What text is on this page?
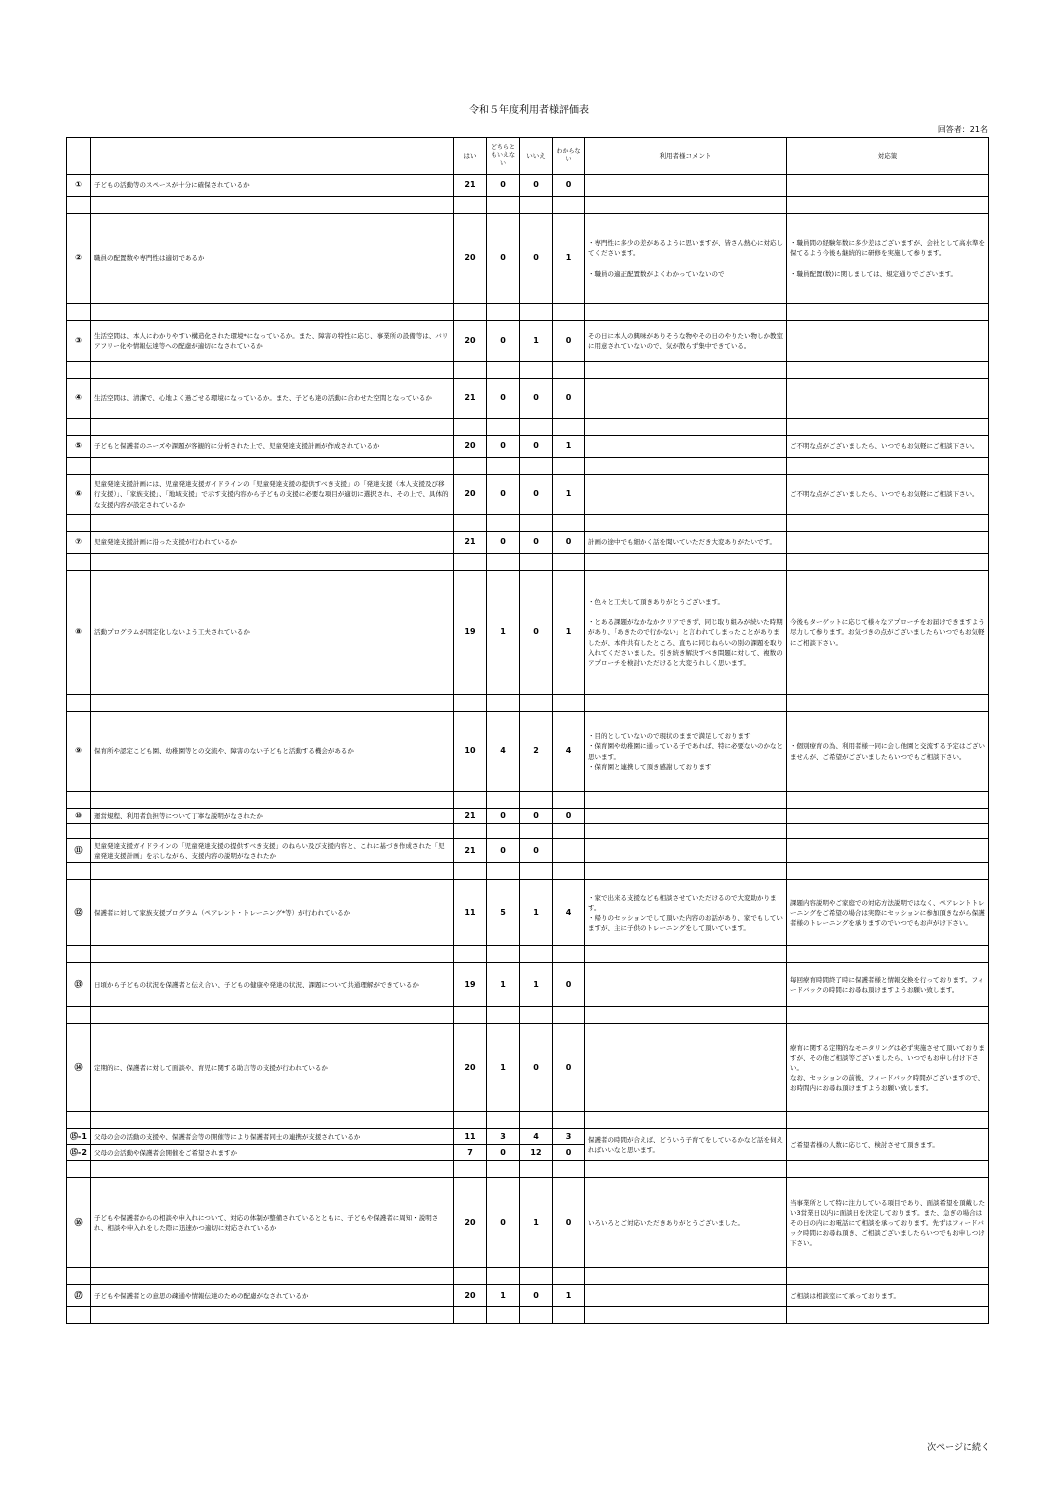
令和５年度利用者様評価表
回答者：21名
		はい	どちらともいえない	いいえ	わからない	利用者様コメント	対応策
①	子どもの活動等のスペースが十分に確保されているか	21	0	0	0		

②	職員の配置数や専門性は適切であるか	20	0	0	1	・専門性に多少の差があるように思いますが、皆さん熱心に対応してくださいます。

・職員の適正配置数がよくわかっていないので	・職員間の経験年数に多少差はございますが、会社として高水準を保てるよう今後も継続的に研修を実施して参ります。

・職員配置(数)に関しましては、規定通りでございます。

③	生活空間は、本人にわかりやすい構造化された環境*になっているか。また、障害の特性に応じ、事業所の設備等は、バリアフリー化や情報伝達等への配慮が適切になされているか	20	0	1	0	その日に本人の興味がありそうな物やその日のやりたい物しか教室に用意されていないので、気が散らず集中できている。	

④	生活空間は、清潔で、心地よく過ごせる環境になっているか。また、子ども達の活動に合わせた空間となっているか	21	0	0	0		

⑤	子どもと保護者のニーズや課題が客観的に分析された上で、児童発達支援計画が作成されているか	20	0	0	1		ご不明な点がございましたら、いつでもお気軽にご相談下さい。

⑥	児童発達支援計画には、児童発達支援ガイドラインの「児童発達支援の提供すべき支援」の「発達支援（本人支援及び移行支援）」、「家族支援」、「地域支援」で示す支援内容から子どもの支援に必要な項目が適切に選択され、その上で、具体的な支援内容が設定されているか	20	0	0	1		ご不明な点がございましたら、いつでもお気軽にご相談下さい。

⑦	児童発達支援計画に沿った支援が行われているか	21	0	0	0	計画の途中でも細かく話を聞いていただき大変ありがたいです。	

⑧	活動プログラムが固定化しないよう工夫されているか	19	1	0	1	・色々と工夫して頂きありがとうございます。

・とある課題がなかなかクリアできず、同じ取り組みが続いた時期があり、「あきたので行かない」と言われてしまったことがありましたが、本件共有したところ、直ちに同じねらいの別の課題を取り入れてくださいました。引き続き解決すべき問題に対して、複数のアプローチを検討いただけると大変うれしく思います。	今後もターゲットに応じて様々なアプローチをお届けできますよう尽力して参ります。お気づきの点がございましたらいつでもお気軽にご相談下さい。

⑨	保育所や認定こども園、幼稚園等との交流や、障害のない子どもと活動する機会があるか	10	4	2	4	・目的としていないので現状のままで満足しております
・保育園や幼稚園に通っている子であれば、特に必要ないのかなと思います。
・保育園と連携して頂き感謝しております	・個別療育の為、利用者様一同に会し他園と交流する予定はございませんが、ご希望がございましたらいつでもご相談下さい。

⑩	運営規程、利用者負担等について丁寧な説明がなされたか	21	0	0	0		

⑪	児童発達支援ガイドラインの「児童発達支援の提供すべき支援」のねらい及び支援内容と、これに基づき作成された「児童発達支援計画」を示しながら、支援内容の説明がなされたか	21	0	0			

⑫	保護者に対して家族支援プログラム（ペアレント・トレーニング*等）が行われているか	11	5	1	4	・家で出来る支援なども相談させていただけるので大変助かります。
・帰りのセッションでして頂いた内容のお話があり、家でもしていますが、主に子供のトレーニングをして頂いています。	課題内容説明やご家庭での対応方法説明ではなく、ペアレントトレーニングをご希望の場合は実際にセッションに参加頂きながら保護者様のトレーニングを承りますのでいつでもお声がけ下さい。

⑬	日頃から子どもの状況を保護者と伝え合い、子どもの健康や発達の状況、課題について共通理解ができているか	19	1	1	0		毎回療育時間終了時に保護者様と情報交換を行っております。フィードバックの時間にお尋ね頂けますようお願い致します。

⑭	定期的に、保護者に対して面談や、育児に関する助言等の支援が行われているか	20	1	0	0		療育に関する定期的なモニタリングは必ず実施させて頂いておりますが、その他ご相談等ございましたら、いつでもお申し付け下さい。
なお、セッションの前後、フィードバック時間がございますので、お時間内にお尋ね頂けますようお願い致します。

⑮-1	父母の会の活動の支援や、保護者会等の開催等により保護者同士の連携が支援されているか	11	3	4	3	保護者の時間が合えば、どういう子育てをしているかなど話を伺えればいいなと思います。	ご希望者様の人数に応じて、検討させて頂きます。
⑮-2	父母の会活動や保護者会開催をご希望されますか	7	0	12	0		

⑯	子どもや保護者からの相談や申入れについて、対応の体制が整備されているとともに、子どもや保護者に周知・説明され、相談や申入れをした際に迅速かつ適切に対応されているか	20	0	1	0	いろいろとご対応いただきありがとうございました。	当事業所として特に注力している項目であり、面談希望を頂戴したい3営業日以内に面談日を決定しております。また、急ぎの場合はその日の内にお電話にて相談を承っております。先ずはフィードバック時間にお尋ね頂き、ご相談ございましたらいつでもお申しつけ下さい。

⑰	子どもや保護者との意思の疎通や情報伝達のための配慮がなされているか	20	1	0	1		ご相談は相談室にて承っております。

次ページに続く
